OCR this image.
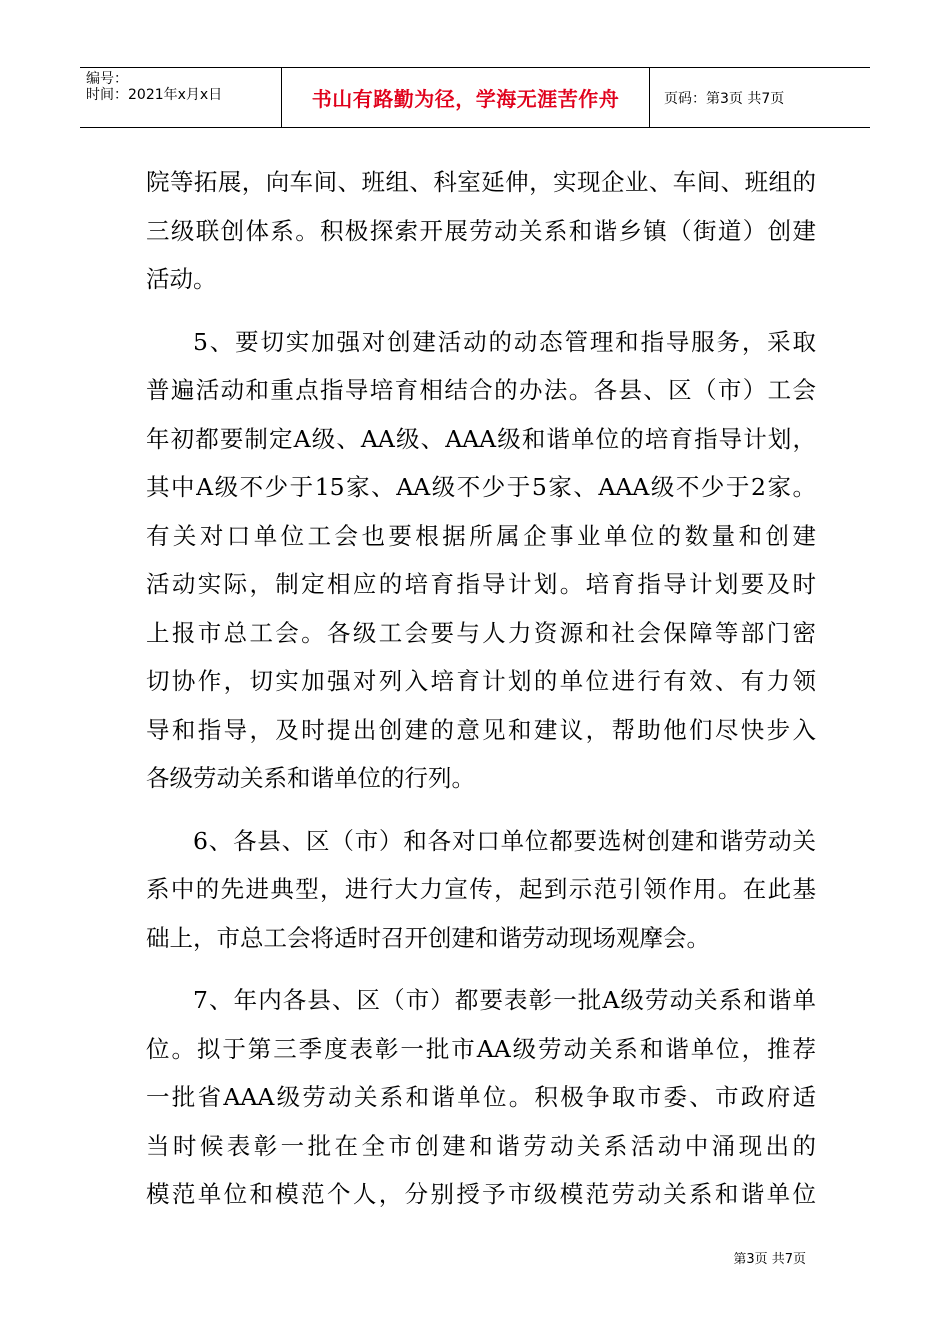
编号：
时间：2021年x月x日	书山有路勤为径，学海无涯苦作舟	页码：第3页 共7页
院等拓展，向车间、班组、科室延伸，实现企业、车间、班组的
三级联创体系。积极探索开展劳动关系和谐乡镇（街道）创建
活动。
5、要切实加强对创建活动的动态管理和指导服务，采取
普遍活动和重点指导培育相结合的办法。各县、区（市）工会
年初都要制定A级、AA级、AAA级和谐单位的培育指导计划，
其中A级不少于15家、AA级不少于5家、AAA级不少于2家。
有关对口单位工会也要根据所属企事业单位的数量和创建
活动实际，制定相应的培育指导计划。培育指导计划要及时
上报市总工会。各级工会要与人力资源和社会保障等部门密
切协作，切实加强对列入培育计划的单位进行有效、有力领
导和指导，及时提出创建的意见和建议，帮助他们尽快步入
各级劳动关系和谐单位的行列。
6、各县、区（市）和各对口单位都要选树创建和谐劳动关
系中的先进典型，进行大力宣传，起到示范引领作用。在此基
础上，市总工会将适时召开创建和谐劳动现场观摩会。
7、年内各县、区（市）都要表彰一批A级劳动关系和谐单
位。拟于第三季度表彰一批市AA级劳动关系和谐单位，推荐
一批省AAA级劳动关系和谐单位。积极争取市委、市政府适
当时候表彰一批在全市创建和谐劳动关系活动中涌现出的
模范单位和模范个人，分别授予市级模范劳动关系和谐单位
第3页 共7页
